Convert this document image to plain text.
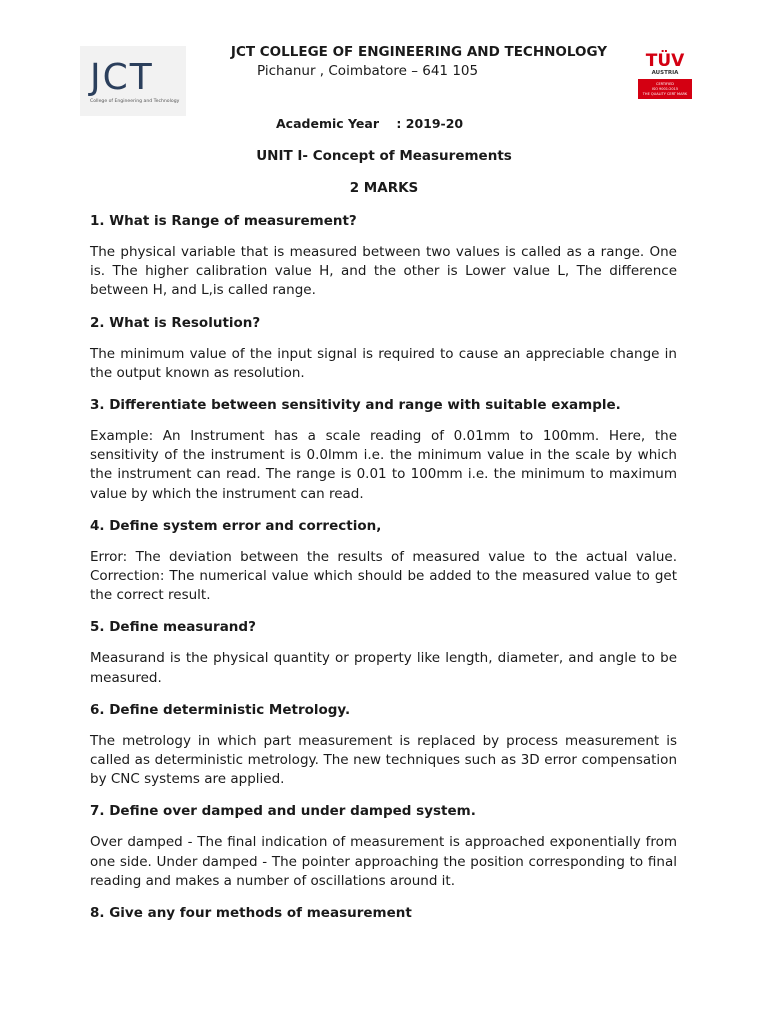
JCT
College of Engineering and Technology
TÜV
AUSTRIA
CERTIFIED
ISO 9001:2015
THE QUALITY CERT MARK
JCT COLLEGE OF ENGINEERING AND TECHNOLOGY
Pichanur , Coimbatore – 641 105
Academic Year    : 2019-20
UNIT I- Concept of Measurements
2 MARKS
1. What is Range of measurement?
The physical variable that is measured between two values is called as a range. One is. The higher calibration value H, and the other is Lower value L, The difference between H, and L,is called range.
2. What is Resolution?
The minimum value of the input signal is required to cause an appreciable change in the output known as resolution.
3. Differentiate between sensitivity and range with suitable example.
Example: An Instrument has a scale reading of 0.01mm to 100mm. Here, the sensitivity of the instrument is 0.0lmm i.e. the minimum value in the scale by which the instrument can read. The range is 0.01 to 100mm i.e. the minimum to maximum value by which the instrument can read.
4. Define system error and correction,
Error: The deviation between the results of measured value to the actual value. Correction: The numerical value which should be added to the measured value to get the correct result.
5. Define measurand?
Measurand is the physical quantity or property like length, diameter, and angle to be measured.
6. Define deterministic Metrology.
The metrology in which part measurement is replaced by process measurement is called as deterministic metrology. The new techniques such as 3D error compensation by CNC systems are applied.
7. Define over damped and under damped system.
Over damped - The final indication of measurement is approached exponentially from one side. Under damped - The pointer approaching the position corresponding to final reading and makes a number of oscillations around it.
8. Give any four methods of measurement
